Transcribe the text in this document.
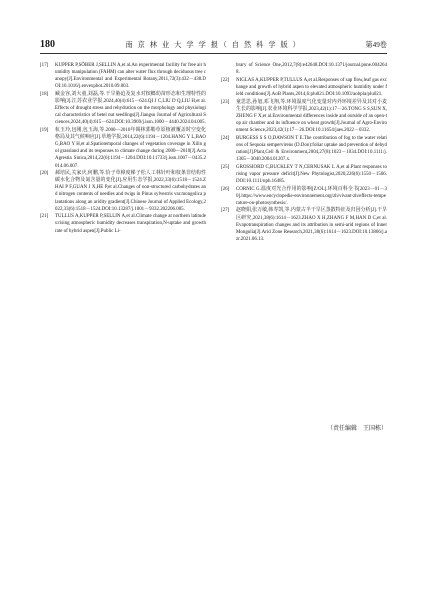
180	南 京 林 业 大 学 学 报（ 自 然 科 学 版 ）	第49卷
[17] KUPPER P,SÕBER J,SELLIN A,et al.An experimental facility for free air humidity manipulation (FAHM) can alter water flux through deciduous tree canopy[J].Environmental and Experimental Botany,2011,72(3):432－438.DOI:10.1016/j.envexpbot.2010.09.003.
[18] 臧金容,刘大童,刘磊,等.干旱胁迫及复水对槟榔幼苗形态和生理特性的影响[J].江苏农业学报,2024,40(4):615－624.QI J C,LIU D Q,LIU H,et al.Effects of drought stress and rehydration on the morphology and physiological characteristics of betel nut seedlings[J].Jiangsu Journal of Agricultural Sciences,2024,40(4):615－624.DOI:10.3969/j.issn.1000－4440.2024.04.005.
[19] 杭玉玲,包刚,包玉海,等.2000—2010年锡林郭勒草原植被覆盖时空变化格局及其气候响应[J].草地学报,2014,22(6):1194－1204.HANG Y L,BAO G,BAO Y H,et al.Spatiotemporal changes of vegetation coverage in Xilin gol grassland and its responses to climate change during 2000—2010[J].Acta Agrestia Sinica,2014,22(6):1194－1204.DOI:10.11733/j.issn.1007－0435.2014.06.007.
[20] 郝培民,关家庆,何鹏,等.恰子草樟度梯子松人工林针叶和枝条非结构性碳水化合物及氮含量的变化[J].应用生态学报,2022,33(6):1518－1524.ZHAI P F,GUAN J X,HE P,et al.Changes of non-structured carbohydrates and nitrogen contents of needles and twigs in Pinus sylvestris var.mongolica plantations along an aridity gradient[J].Chinese Journal of Applied Ecology,2022,33(6):1518－1524.DOI:10.13287/j.1001－9332.202206.005.
[21] TULLUS A,KUPPER P,SELLIN A,et al.Climate change at northern latitudes:rising atmospheric humidity decreases transpiration,N-uptake and growth rate of hybrid aspen[J].Public Li-
brary of Science One,2012,7(8):e42648.DOI:10.1371/journal.pone.0042648.
[22] NIGLAS A,KUPPER P,TULLUS A,et al.Responses of sap flow,leaf gas exchange and growth of hybrid aspen to elevated atmospheric humidity under field conditions[J].AoB Plants,2014,6:plu021.DOI:10.1093/aobpla/plu021.
[23] 童思思,孙旭,邓飞翔,等.环境温度气化变量对内外环境差异及其对小麦生长的影响[J].农业环境科学学报,2023,42(1):17－26.TONG S S,SUN X,ZHENG F X,et al.Environmental differences inside and outside of an open-top air chamber and its influence on wheat growth[J].Journal of Agro-Environment Science,2023,42(1):17－26.DOI:10.11654/jaes.2022－0332.
[24] BURGESS S S O,DAWSON T E.The contribution of fog to the water relations of Sequoia sempervirens (D.Don):foliar uptake and prevention of dehydration[J].Plant,Cell & Environment,2004,27(8):1023－1034.DOI:10.1111/j.1365－3040.2004.01207.x.
[25] GROSSIORD C,BUCKLEY T N,CERNUSAK L A,et al.Plant responses to rising vapor pressure deficit[J].New Phytologist,2020,226(6):1550－1566.DOI:10.1111/nph.16485.
[26] CORNIC G.温度对光合作用的影响[Z/OL].环境百科全书[2023－01－30].https://www.encyclopedie-environnement.org/zh/vivant-zh/effects-temperature-on-photosynthesis/.
[27] 赵晓娟,张万敏,韩寿凯,等.内蒙古半干旱区蒸散特征及归因分析[J].干旱区研究,2021,38(6):1614－1623.ZHAO X H,ZHANG F M,HAN D C,et al.Evapotranspiration changes and its attribution in semi-arid regions of Inner Mongolia[J].Arid Zone Research,2021,38(6):1614－1623.DOI:10.13866/j.azr.2021.06.13.
（责任编辑　王国栋）
